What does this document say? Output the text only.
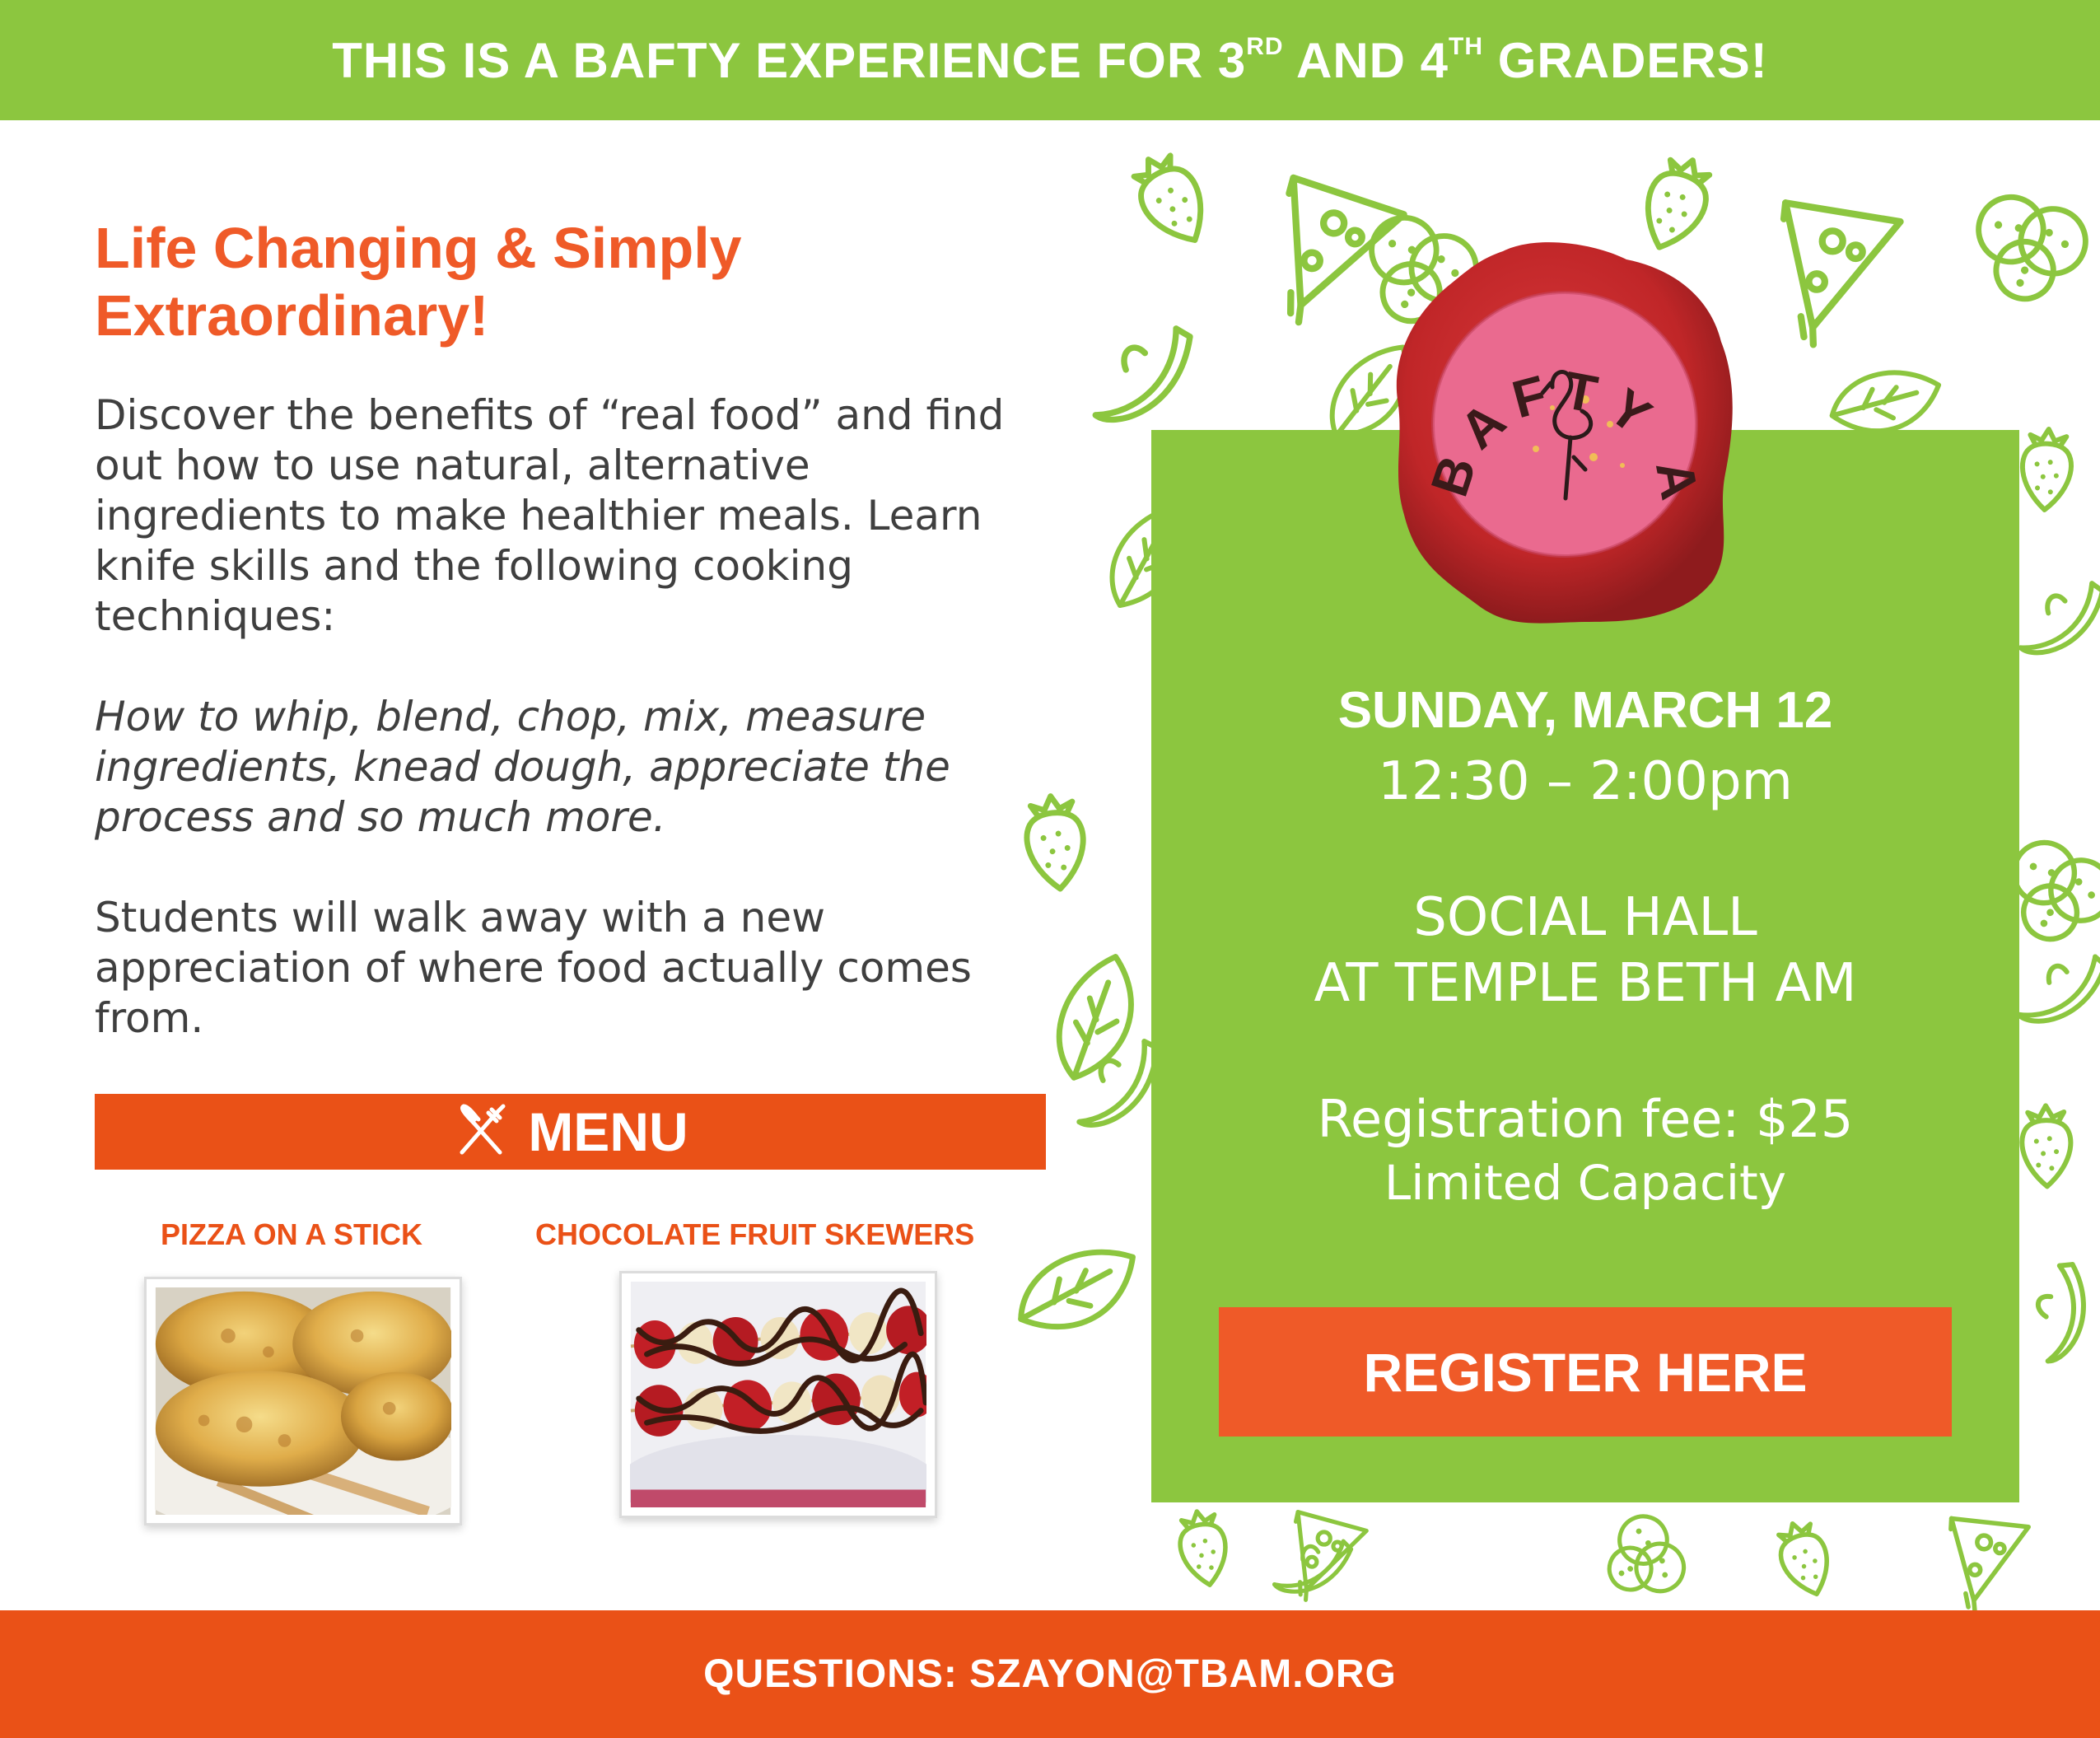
THIS IS A BAFTY EXPERIENCE FOR 3RD AND 4TH GRADERS!
Life Changing & Simply
Extraordinary!

Discover the benefits of “real food” and find out how to use natural, alternative ingredients to make healthier meals. Learn knife skills and the following cooking techniques:

How to whip, blend, chop, mix, measure ingredients, knead dough, appreciate the process and so much more.

Students will walk away with a new appreciation of where food actually comes from.

MENU
PIZZA ON A STICK	CHOCOLATE FRUIT SKEWERS
SUNDAY, MARCH 12
12:30 – 2:00pm
SOCIAL HALL
AT TEMPLE BETH AM
Registration fee: $25
Limited Capacity
REGISTER HERE
BAFTY A
QUESTIONS: SZAYON@TBAM.ORG
